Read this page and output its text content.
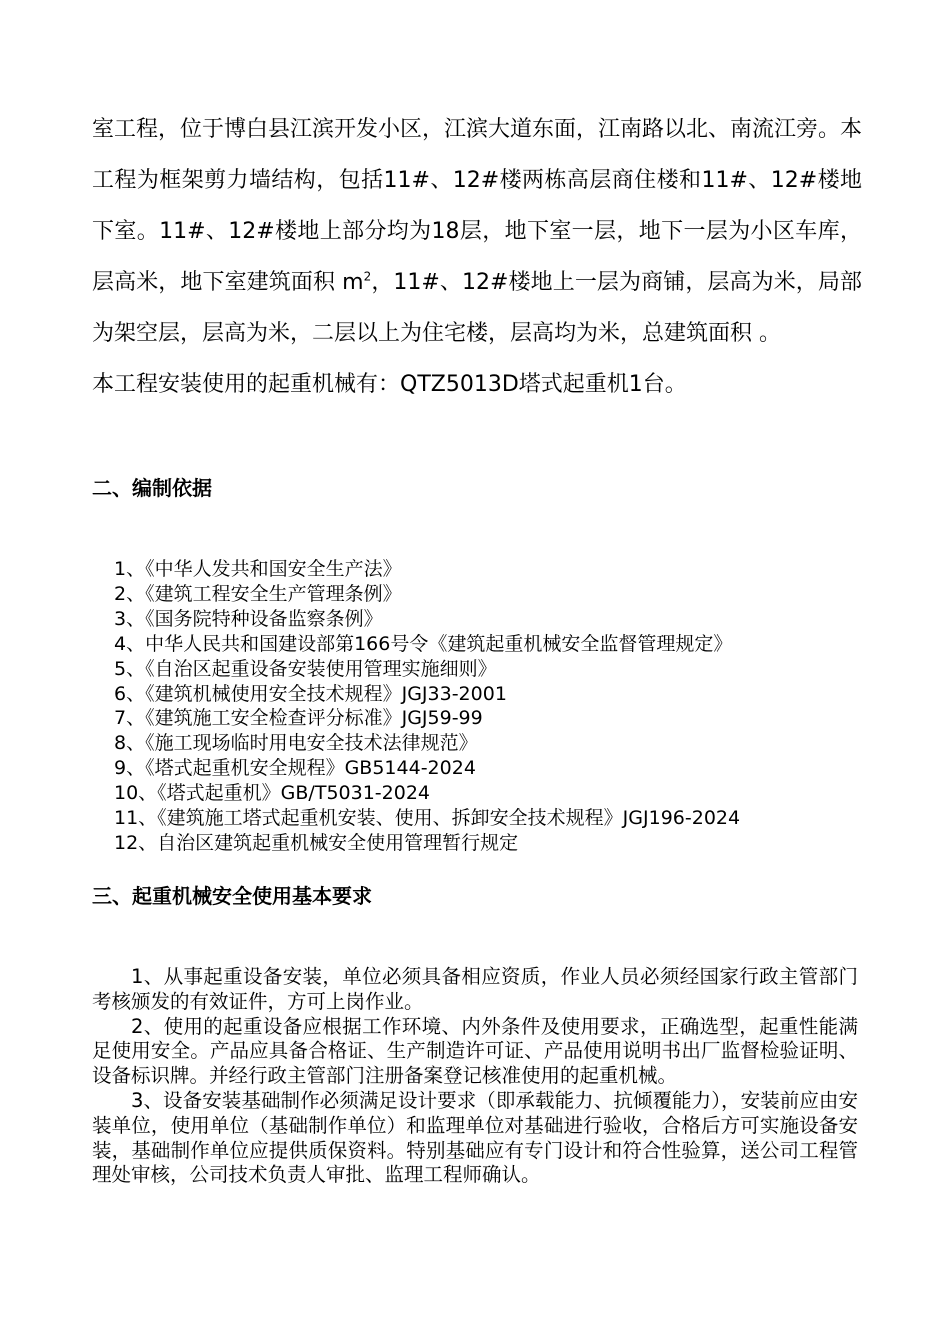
室工程，位于博白县江滨开发小区，江滨大道东面，江南路以北、南流江旁。本工程为框架剪力墙结构，包括11#、12#楼两栋高层商住楼和11#、12#楼地下室。11#、12#楼地上部分均为18层，地下室一层，地下一层为小区车库，层高米，地下室建筑面积 $m^2$，11#、12#楼地上一层为商铺，层高为米，局部为架空层，层高为米，二层以上为住宅楼，层高均为米，总建筑面积 。

本工程安装使用的起重机械有：QTZ5013D塔式起重机1台。

二、编制依据
1、《中华人发共和国安全生产法》
2、《建筑工程安全生产管理条例》
3、《国务院特种设备监察条例》
4、中华人民共和国建设部第166号令《建筑起重机械安全监督管理规定》
5、《自治区起重设备安装使用管理实施细则》
6、《建筑机械使用安全技术规程》JGJ33-2001
7、《建筑施工安全检查评分标准》JGJ59-99
8、《施工现场临时用电安全技术法律规范》
9、《塔式起重机安全规程》GB5144-2024
10、《塔式起重机》GB/T5031-2024
11、《建筑施工塔式起重机安装、使用、拆卸安全技术规程》JGJ196-2024
12、自治区建筑起重机械安全使用管理暂行规定
三、起重机械安全使用基本要求

1、从事起重设备安装，单位必须具备相应资质，作业人员必须经国家行政主管部门考核颁发的有效证件，方可上岗作业。

2、使用的起重设备应根据工作环境、内外条件及使用要求，正确选型，起重性能满足使用安全。产品应具备合格证、生产制造许可证、产品使用说明书出厂监督检验证明、设备标识牌。并经行政主管部门注册备案登记核准使用的起重机械。

3、设备安装基础制作必须满足设计要求（即承载能力、抗倾覆能力），安装前应由安装单位，使用单位（基础制作单位）和监理单位对基础进行验收，合格后方可实施设备安装，基础制作单位应提供质保资料。特别基础应有专门设计和符合性验算，送公司工程管理处审核，公司技术负责人审批、监理工程师确认。
